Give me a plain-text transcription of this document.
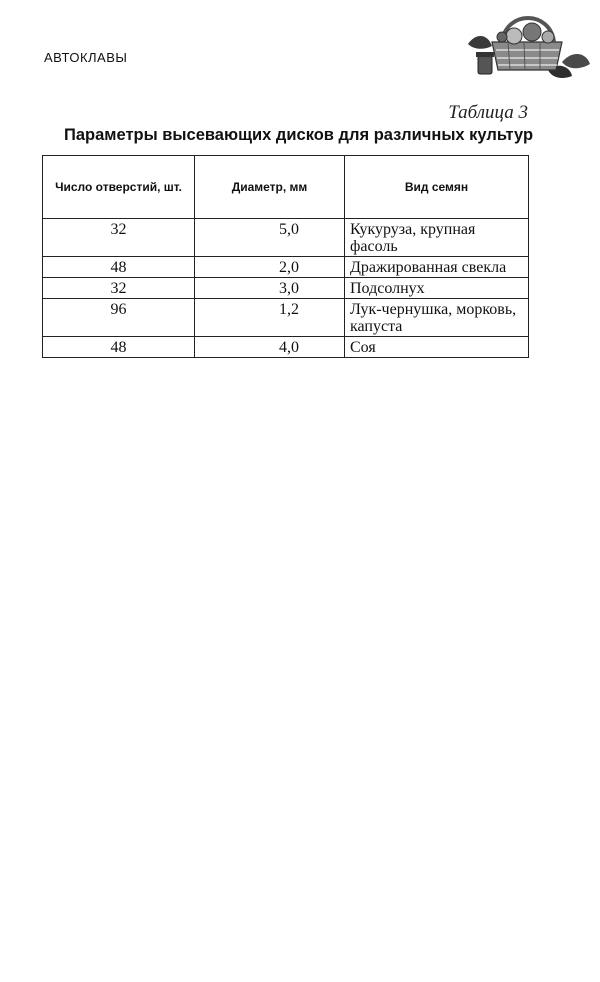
АВТОКЛАВЫ
Таблица 3
Параметры высевающих дисков для различных культур
Число отверстий, шт.	Диаметр, мм	Вид семян
32	5,0	Кукуруза, крупная фасоль
48	2,0	Дражированная свекла
32	3,0	Подсолнух
96	1,2	Лук-чернушка, морковь, капуста
48	4,0	Соя
